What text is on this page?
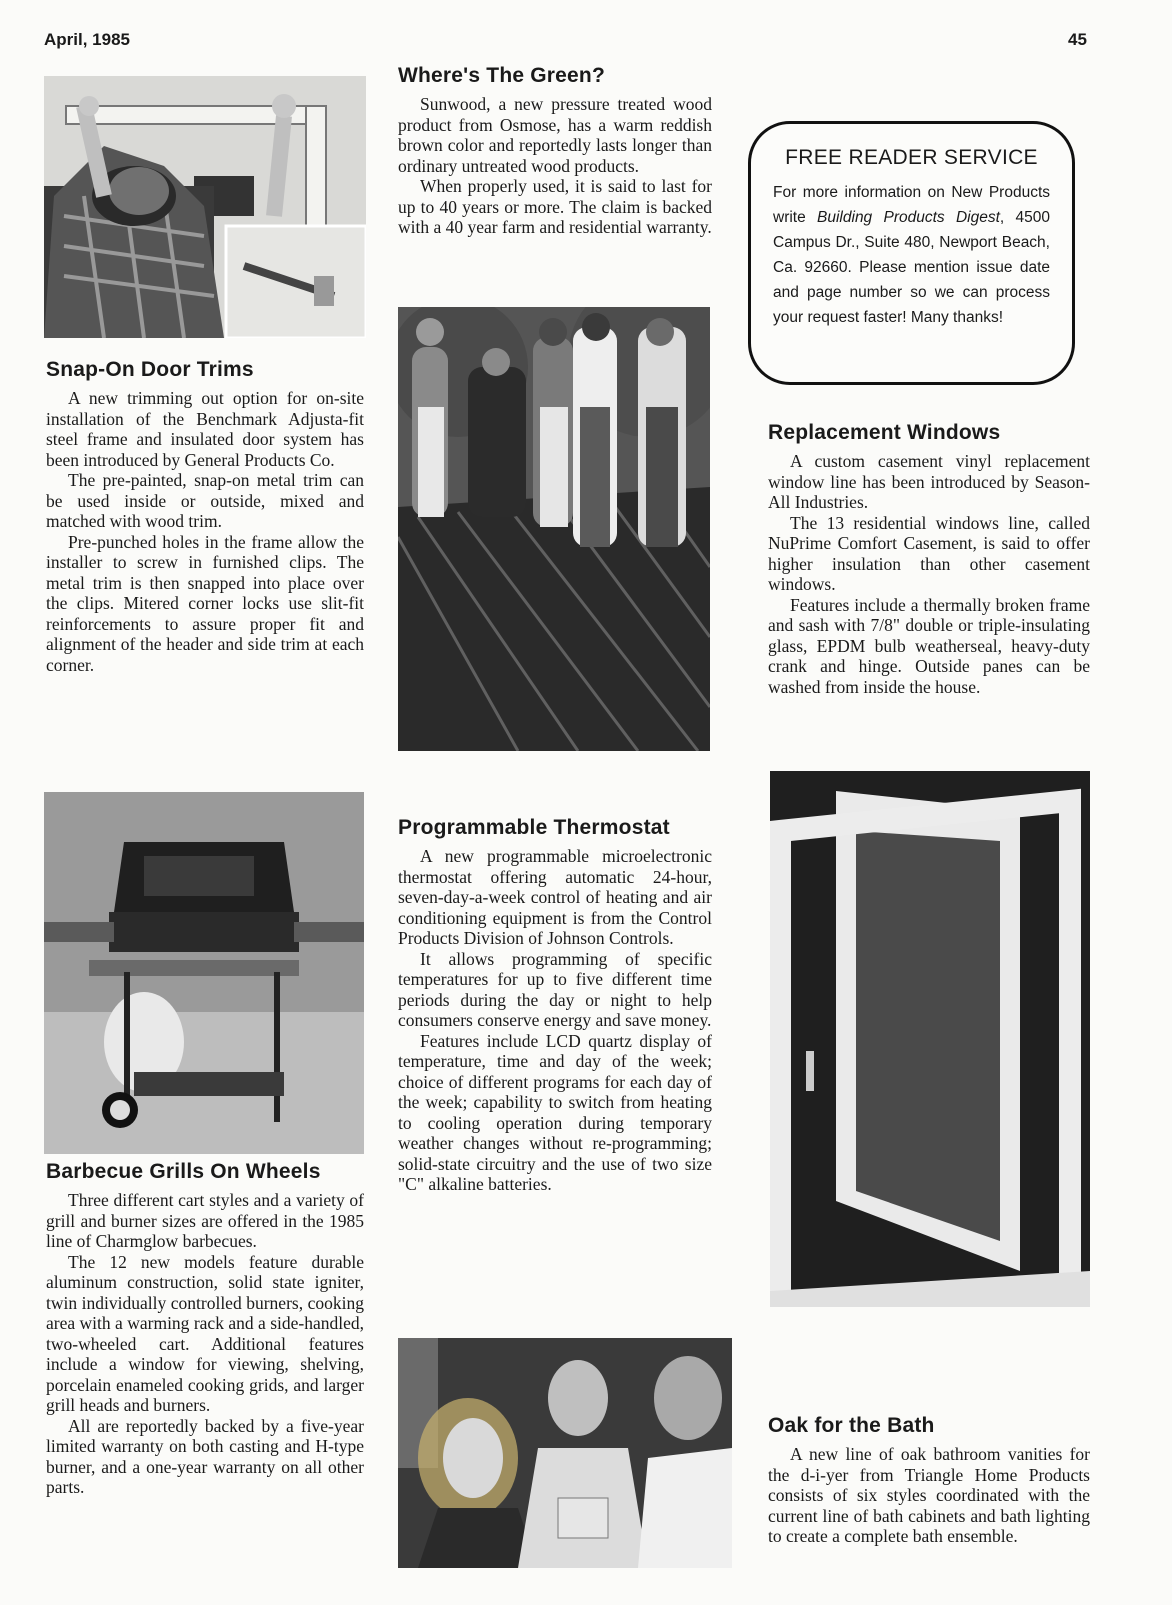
April, 1985	45
Snap-On Door Trims

A new trimming out option for on-site installation of the Benchmark Adjusta-fit steel frame and insulated door system has been introduced by General Products Co.

The pre-painted, snap-on metal trim can be used inside or outside, mixed and matched with wood trim.

Pre-punched holes in the frame allow the installer to screw in furnished clips. The metal trim is then snapped into place over the clips. Mitered corner locks use slit-fit reinforcements to assure proper fit and alignment of the header and side trim at each corner.

Where's The Green?

Sunwood, a new pressure treated wood product from Osmose, has a warm reddish brown color and reportedly lasts longer than ordinary untreated wood products.

When properly used, it is said to last for up to 40 years or more. The claim is backed with a 40 year farm and residential warranty.

FREE READER SERVICE

For more information on New Products write Building Products Digest, 4500 Campus Dr., Suite 480, Newport Beach, Ca. 92660. Please mention issue date and page number so we can process your request faster! Many thanks!

Replacement Windows

A custom casement vinyl replacement window line has been introduced by Season-All Industries.

The 13 residential windows line, called NuPrime Comfort Casement, is said to offer higher insulation than other casement windows.

Features include a thermally broken frame and sash with 7/8" double or triple-insulating glass, EPDM bulb weatherseal, heavy-duty crank and hinge. Outside panes can be washed from inside the house.

Barbecue Grills On Wheels

Three different cart styles and a variety of grill and burner sizes are offered in the 1985 line of Charmglow barbecues.

The 12 new models feature durable aluminum construction, solid state igniter, twin individually controlled burners, cooking area with a warming rack and a side-handled, two-wheeled cart. Additional features include a window for viewing, shelving, porcelain enameled cooking grids, and larger grill heads and burners.

All are reportedly backed by a five-year limited warranty on both casting and H-type burner, and a one-year warranty on all other parts.

Programmable Thermostat

A new programmable microelectronic thermostat offering automatic 24-hour, seven-day-a-week control of heating and air conditioning equipment is from the Control Products Division of Johnson Controls.

It allows programming of specific temperatures for up to five different time periods during the day or night to help consumers conserve energy and save money.

Features include LCD quartz display of temperature, time and day of the week; choice of different programs for each day of the week; capability to switch from heating to cooling operation during temporary weather changes without re-programming; solid-state circuitry and the use of two size "C" alkaline batteries.

Oak for the Bath

A new line of oak bathroom vanities for the d-i-yer from Triangle Home Products consists of six styles coordinated with the current line of bath cabinets and bath lighting to create a complete bath ensemble.
